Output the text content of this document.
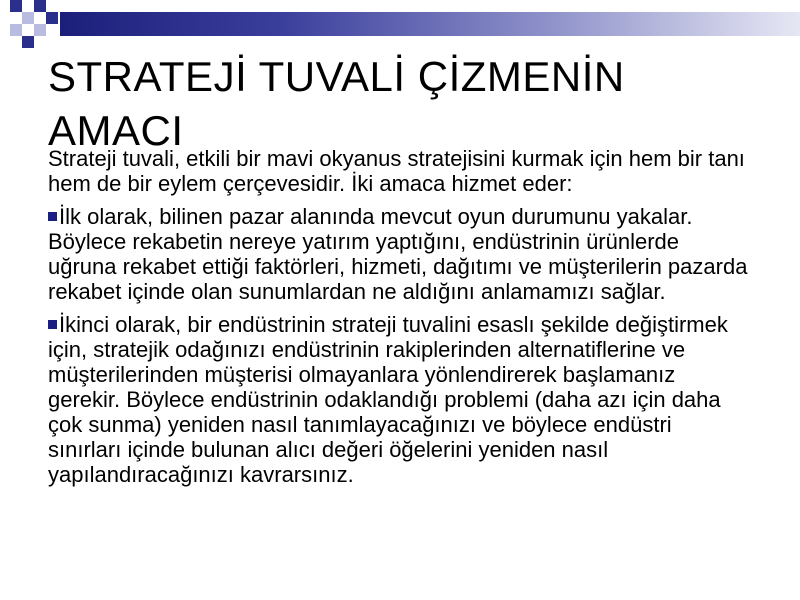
STRATEJİ TUVALİ ÇİZMENİN AMACI

Strateji tuvali, etkili bir mavi okyanus stratejisini kurmak için hem bir tanı hem de bir eylem çerçevesidir. İki amaca hizmet eder:

İlk olarak, bilinen pazar alanında mevcut oyun durumunu yakalar. Böylece rekabetin nereye yatırım yaptığını, endüstrinin ürünlerde uğruna rekabet ettiği faktörleri, hizmeti, dağıtımı ve müşterilerin pazarda rekabet içinde olan sunumlardan ne aldığını anlamamızı sağlar.
İkinci olarak, bir endüstrinin strateji tuvalini esaslı şekilde değiştirmek için, stratejik odağınızı endüstrinin rakiplerinden alternatiflerine ve müşterilerinden müşterisi olmayanlara yönlendirerek başlamanız gerekir. Böylece endüstrinin odaklandığı problemi (daha azı için daha çok sunma) yeniden nasıl tanımlayacağınızı ve böylece endüstri sınırları içinde bulunan alıcı değeri öğelerini yeniden nasıl yapılandıracağınızı kavrarsınız.
